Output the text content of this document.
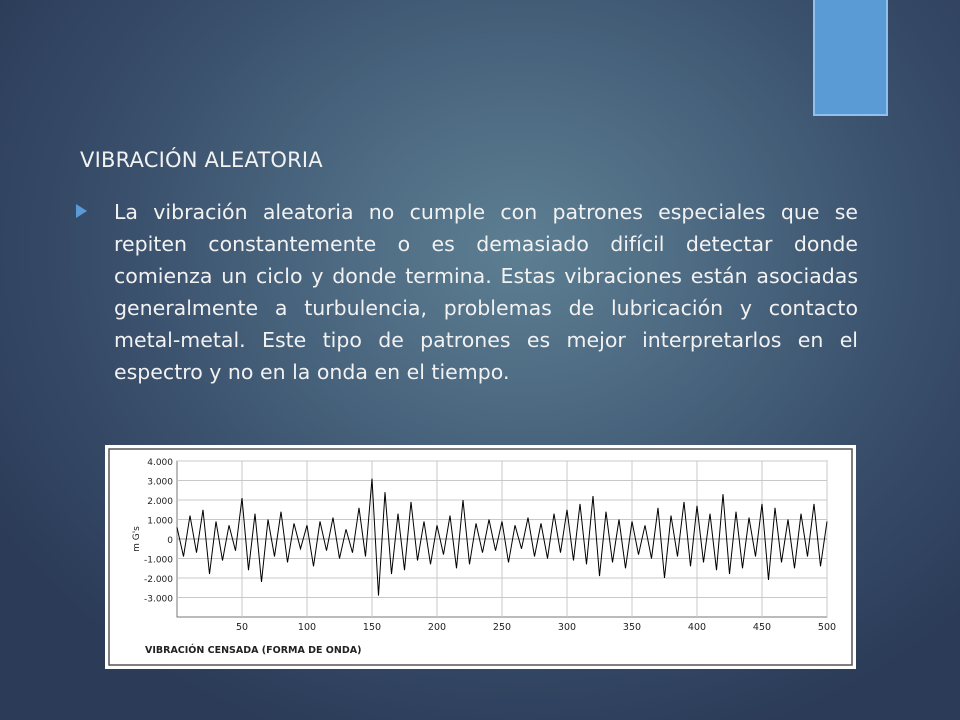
VIBRACIÓN ALEATORIA
La vibración aleatoria no cumple con patrones especiales que se repiten constantemente o es demasiado difícil detectar donde comienza un ciclo y donde termina. Estas vibraciones están asociadas generalmente a turbulencia, problemas de lubricación y contacto metal-metal. Este tipo de patrones es mejor interpretarlos en el espectro y no en la onda en el tiempo.
4.000
3.000
2.000
1.000
0
-1.000
-2.000
-3.000
50	100	150	200	250	300	350	400	450	500
m G's
VIBRACIÓN CENSADA (FORMA DE ONDA)
